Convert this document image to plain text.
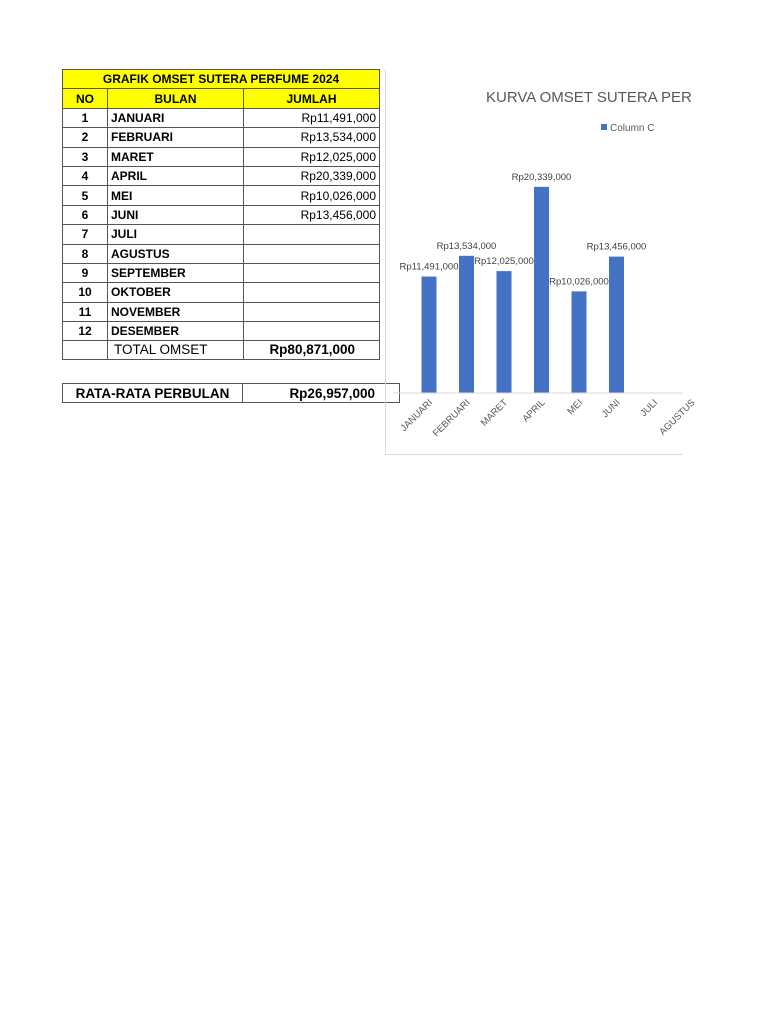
GRAFIK OMSET SUTERA PERFUME 2024		
NO	BULAN	JUMLAH
1	JANUARI	Rp11,491,000
2	FEBRUARI	Rp13,534,000
3	MARET	Rp12,025,000
4	APRIL	Rp20,339,000
5	MEI	Rp10,026,000
6	JUNI	Rp13,456,000
7	JULI	
8	AGUSTUS	
9	SEPTEMBER	
10	OKTOBER	
11	NOVEMBER	
12	DESEMBER	
	TOTAL OMSET	Rp80,871,000
RATA-RATA PERBULAN	Rp26,957,000
KURVA OMSET SUTERA PER
Column C
Rp11,491,000
JANUARI
Rp13,534,000
FEBRUARI
Rp12,025,000
MARET
Rp20,339,000
APRIL
Rp10,026,000
MEI
Rp13,456,000
JUNI JULI
AGUSTUS
